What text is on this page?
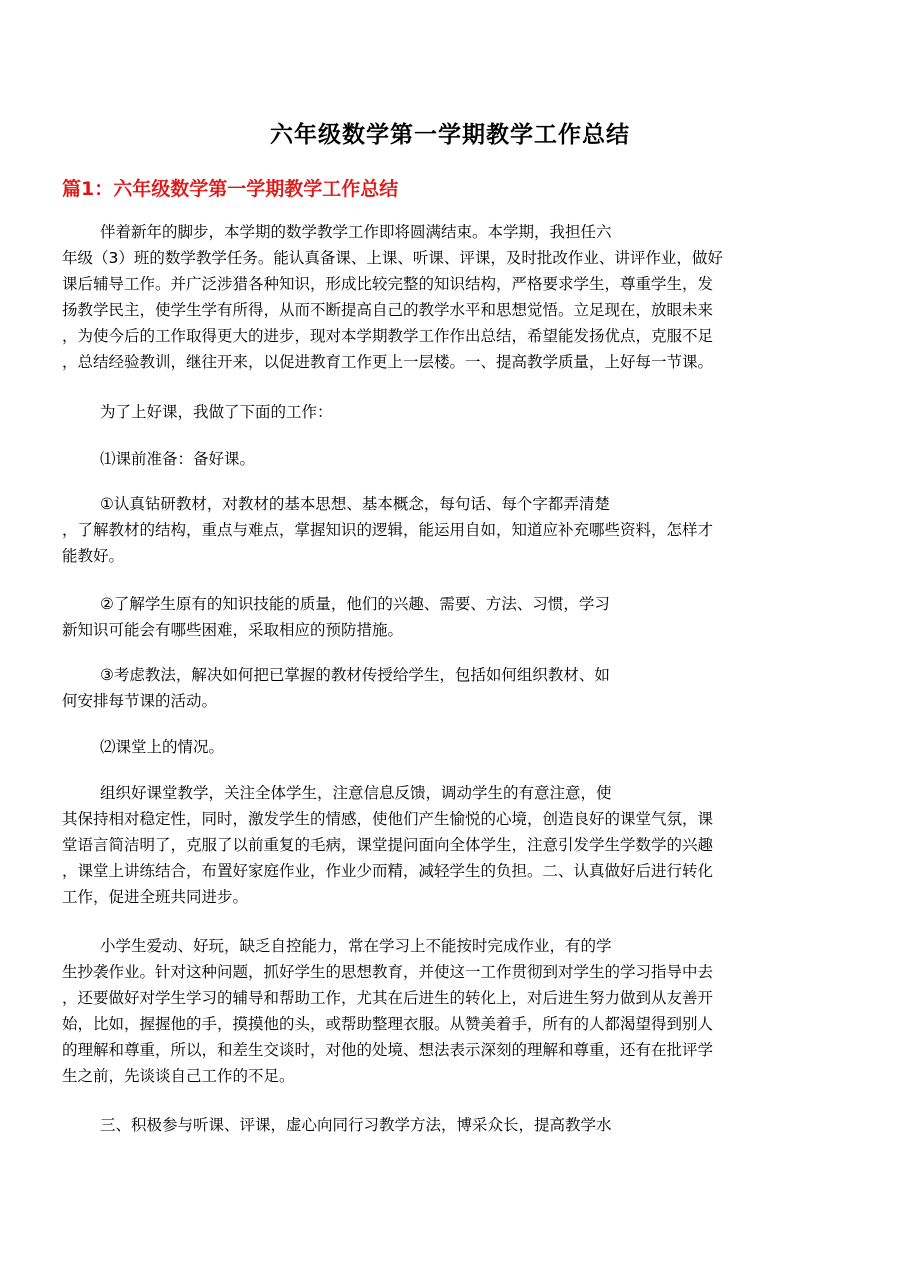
六年级数学第一学期教学工作总结
篇1：六年级数学第一学期教学工作总结
伴着新年的脚步，本学期的数学教学工作即将圆满结束。本学期，我担任六
年级（3）班的数学教学任务。能认真备课、上课、听课、评课，及时批改作业、讲评作业，做好
课后辅导工作。并广泛涉猎各种知识，形成比较完整的知识结构，严格要求学生，尊重学生，发
扬教学民主，使学生学有所得，从而不断提高自己的教学水平和思想觉悟。立足现在，放眼未来
，为使今后的工作取得更大的进步，现对本学期教学工作作出总结，希望能发扬优点，克服不足
，总结经验教训，继往开来，以促进教育工作更上一层楼。一、提高教学质量，上好每一节课。
为了上好课，我做了下面的工作：
⑴课前准备：备好课。
①认真钻研教材，对教材的基本思想、基本概念，每句话、每个字都弄清楚
，了解教材的结构，重点与难点，掌握知识的逻辑，能运用自如，知道应补充哪些资料，怎样才
能教好。
②了解学生原有的知识技能的质量，他们的兴趣、需要、方法、习惯，学习
新知识可能会有哪些困难，采取相应的预防措施。
③考虑教法，解决如何把已掌握的教材传授给学生，包括如何组织教材、如
何安排每节课的活动。
⑵课堂上的情况。
组织好课堂教学，关注全体学生，注意信息反馈，调动学生的有意注意，使
其保持相对稳定性，同时，激发学生的情感，使他们产生愉悦的心境，创造良好的课堂气氛，课
堂语言简洁明了，克服了以前重复的毛病，课堂提问面向全体学生，注意引发学生学数学的兴趣
，课堂上讲练结合，布置好家庭作业，作业少而精，减轻学生的负担。二、认真做好后进行转化
工作，促进全班共同进步。
小学生爱动、好玩，缺乏自控能力，常在学习上不能按时完成作业，有的学
生抄袭作业。针对这种问题，抓好学生的思想教育，并使这一工作贯彻到对学生的学习指导中去
，还要做好对学生学习的辅导和帮助工作，尤其在后进生的转化上，对后进生努力做到从友善开
始，比如，握握他的手，摸摸他的头，或帮助整理衣服。从赞美着手，所有的人都渴望得到别人
的理解和尊重，所以，和差生交谈时，对他的处境、想法表示深刻的理解和尊重，还有在批评学
生之前，先谈谈自己工作的不足。
三、积极参与听课、评课，虚心向同行习教学方法，博采众长，提高教学水
